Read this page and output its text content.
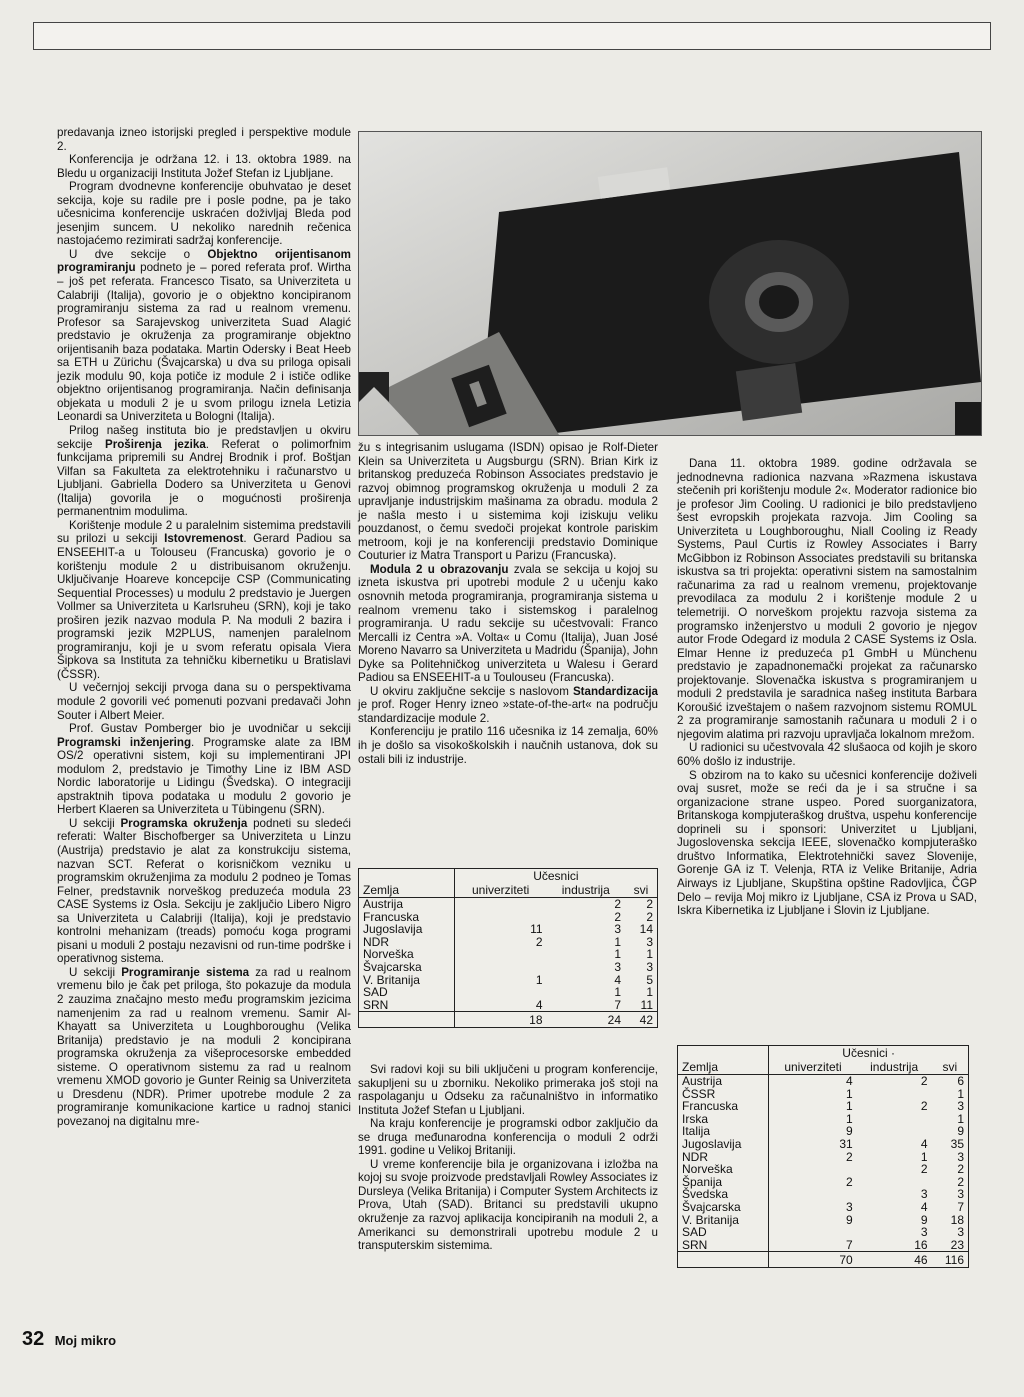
predavanja izneo istorijski pregled i perspektive module 2.

Konferencija je održana 12. i 13. oktobra 1989. na Bledu u organizaciji Instituta Jožef Stefan iz Ljubljane.

Program dvodnevne konferencije obuhvatao je deset sekcija, koje su radile pre i posle podne, pa je tako učesnicima konferencije uskraćen doživljaj Bleda pod jesenjim suncem. U nekoliko narednih rečenica nastojaćemo rezimirati sadržaj konferencije.

U dve sekcije o Objektno orijentisanom programiranju podneto je – pored referata prof. Wirtha – još pet referata. Francesco Tisato, sa Univerziteta u Calabriji (Italija), govorio je o objektno koncipiranom programiranju sistema za rad u realnom vremenu. Profesor sa Sarajevskog univerziteta Suad Alagić predstavio je okruženja za programiranje objektno orijentisanih baza podataka. Martin Odersky i Beat Heeb sa ETH u Zürichu (Švajcarska) u dva su priloga opisali jezik modulu 90, koja potiče iz module 2 i ističe odlike objektno orijentisanog programiranja. Način definisanja objekata u moduli 2 je u svom prilogu iznela Letizia Leonardi sa Univerziteta u Bologni (Italija).

Prilog našeg instituta bio je predstavljen u okviru sekcije Proširenja jezika. Referat o polimorfnim funkcijama pripremili su Andrej Brodnik i prof. Boštjan Vilfan sa Fakulteta za elektrotehniku i računarstvo u Ljubljani. Gabriella Dodero sa Univerziteta u Genovi (Italija) govorila je o mogućnosti proširenja permanentnim modulima.

Korištenje module 2 u paralelnim sistemima predstavili su prilozi u sekciji Istovremenost. Gerard Padiou sa ENSEEHIT-a u Tolouseu (Francuska) govorio je o korištenju module 2 u distribuisanom okruženju. Uključivanje Hoareve koncepcije CSP (Communicating Sequential Processes) u modulu 2 predstavio je Juergen Vollmer sa Univerziteta u Karlsruheu (SRN), koji je tako proširen jezik nazvao modula P. Na moduli 2 bazira i programski jezik M2PLUS, namenjen paralelnom programiranju, koji je u svom referatu opisala Viera Šipkova sa Instituta za tehničku kibernetiku u Bratislavi (ČSSR).

U večernjoj sekciji prvoga dana su o perspektivama module 2 govorili već pomenuti pozvani predavači John Souter i Albert Meier.

Prof. Gustav Pomberger bio je uvodničar u sekciji Programski inženjering. Programske alate za IBM OS/2 operativni sistem, koji su implementirani JPI modulom 2, predstavio je Timothy Line iz IBM ASD Nordic laboratorije u Lidingu (Švedska). O integraciji apstraktnih tipova podataka u modulu 2 govorio je Herbert Klaeren sa Univerziteta u Tübingenu (SRN).

U sekciji Programska okruženja podneti su sledeći referati: Walter Bischofberger sa Univerziteta u Linzu (Austrija) predstavio je alat za konstrukciju sistema, nazvan SCT. Referat o korisničkom vezniku u programskim okruženjima za modulu 2 podneo je Tomas Felner, predstavnik norveškog preduzeća modula 23 CASE Systems iz Osla. Sekciju je zaključio Libero Nigro sa Univerziteta u Calabriji (Italija), koji je predstavio kontrolni mehanizam (treads) pomoću koga programi pisani u moduli 2 postaju nezavisni od run-time podrške i operativnog sistema.

U sekciji Programiranje sistema za rad u realnom vremenu bilo je čak pet priloga, što pokazuje da modula 2 zauzima značajno mesto među programskim jezicima namenjenim za rad u realnom vremenu. Samir Al-Khayatt sa Univerziteta u Loughboroughu (Velika Britanija) predstavio je na moduli 2 koncipirana programska okruženja za višeprocesorske embedded sisteme. O operativnom sistemu za rad u realnom vremenu XMOD govorio je Gunter Reinig sa Univerziteta u Dresdenu (NDR). Primer upotrebe module 2 za programiranje komunikacione kartice u radnoj stanici povezanoj na digitalnu mre-

žu s integrisanim uslugama (ISDN) opisao je Rolf-Dieter Klein sa Univerziteta u Augsburgu (SRN). Brian Kirk iz britanskog preduzeća Robinson Associates predstavio je razvoj obimnog programskog okruženja u moduli 2 za upravljanje industrijskim mašinama za obradu. modula 2 je našla mesto i u sistemima koji iziskuju veliku pouzdanost, o čemu svedoči projekat kontrole pariskim metroom, koji je na konferenciji predstavio Dominique Couturier iz Matra Transport u Parizu (Francuska).

Modula 2 u obrazovanju zvala se sekcija u kojoj su izneta iskustva pri upotrebi module 2 u učenju kako osnovnih metoda programiranja, programiranja sistema u realnom vremenu tako i sistemskog i paralelnog programiranja. U radu sekcije su učestvovali: Franco Mercalli iz Centra »A. Volta« u Comu (Italija), Juan José Moreno Navarro sa Univerziteta u Madridu (Španija), John Dyke sa Politehničkog univerziteta u Walesu i Gerard Padiou sa ENSEEHIT-a u Toulouseu (Francuska).

U okviru zaključne sekcije s naslovom Standardizacija je prof. Roger Henry izneo »state-of-the-art« na području standardizacije module 2.

Konferenciju je pratilo 116 učesnika iz 14 zemalja, 60% ih je došlo sa visokoškolskih i naučnih ustanova, dok su ostali bili iz industrije.

	Učesnici		
Zemlja	univerziteti	industrija	svi
Austrija		2	2
Francuska		2	2
Jugoslavija	11	3	14
NDR	2	1	3
Norveška		1	1
Švajcarska		3	3
V. Britanija	1	4	5
SAD		1	1
SRN	4	7	11
	18	24	42

Svi radovi koji su bili uključeni u program konferencije, sakupljeni su u zborniku. Nekoliko primeraka još stoji na raspolaganju u Odseku za računalništvo in informatiko Instituta Jožef Stefan u Ljubljani.

Na kraju konferencije je programski odbor zaključio da se druga međunarodna konferencija o moduli 2 održi 1991. godine u Velikoj Britaniji.

U vreme konferencije bila je organizovana i izložba na kojoj su svoje proizvode predstavljali Rowley Associates iz Dursleya (Velika Britanija) i Computer System Architects iz Prova, Utah (SAD). Britanci su predstavili ukupno okruženje za razvoj aplikacija koncipiranih na moduli 2, a Amerikanci su demonstrirali upotrebu module 2 u transputerskim sistemima.

Dana 11. oktobra 1989. godine održavala se jednodnevna radionica nazvana »Razmena iskustava stečenih pri korištenju module 2«. Moderator radionice bio je profesor Jim Cooling. U radionici je bilo predstavljeno šest evropskih projekata razvoja. Jim Cooling sa Univerziteta u Loughboroughu, Niall Cooling iz Ready Systems, Paul Curtis iz Rowley Associates i Barry McGibbon iz Robinson Associates predstavili su britanska iskustva sa tri projekta: operativni sistem na samostalnim računarima za rad u realnom vremenu, projektovanje prevodilaca za modulu 2 i korištenje module 2 u telemetriji. O norveškom projektu razvoja sistema za programsko inženjerstvo u moduli 2 govorio je njegov autor Frode Odegard iz modula 2 CASE Systems iz Osla. Elmar Henne iz preduzeća p1 GmbH u Münchenu predstavio je zapadnonemački projekat za računarsko projektovanje. Slovenačka iskustva s programiranjem u moduli 2 predstavila je saradnica našeg instituta Barbara Koroušić izveštajem o našem razvojnom sistemu ROMUL 2 za programiranje samostanih računara u moduli 2 i o njegovim alatima pri razvoju upravljača lokalnom mrežom.

U radionici su učestvovala 42 slušaoca od kojih je skoro 60% došlo iz industrije.

S obzirom na to kako su učesnici konferencije doživeli ovaj susret, može se reći da je i sa stručne i sa organizacione strane uspeo. Pored suorganizatora, Britanskoga kompjuteraškog društva, uspehu konferencije doprineli su i sponsori: Univerzitet u Ljubljani, Jugoslovenska sekcija IEEE, slovenačko kompjuteraško društvo Informatika, Elektrotehnički savez Slovenije, Gorenje GA iz T. Velenja, RTA iz Velike Britanije, Adria Airways iz Ljubljane, Skupština opštine Radovljica, ČGP Delo – revija Moj mikro iz Ljubljane, CSA iz Prova u SAD, Iskra Kibernetika iz Ljubljane i Slovin iz Ljubljane.

	Učesnici ·		
Zemlja	univerziteti	industrija	svi
Austrija	4	2	6
ČSSR	1		1
Francuska	1	2	3
Irska	1		1
Italija	9		9
Jugoslavija	31	4	35
NDR	2	1	3
Norveška		2	2
Španija	2		2
Švedska		3	3
Švajcarska	3	4	7
V. Britanija	9	9	18
SAD		3	3
SRN	7	16	23
	70	46	116
32 Moj mikro
